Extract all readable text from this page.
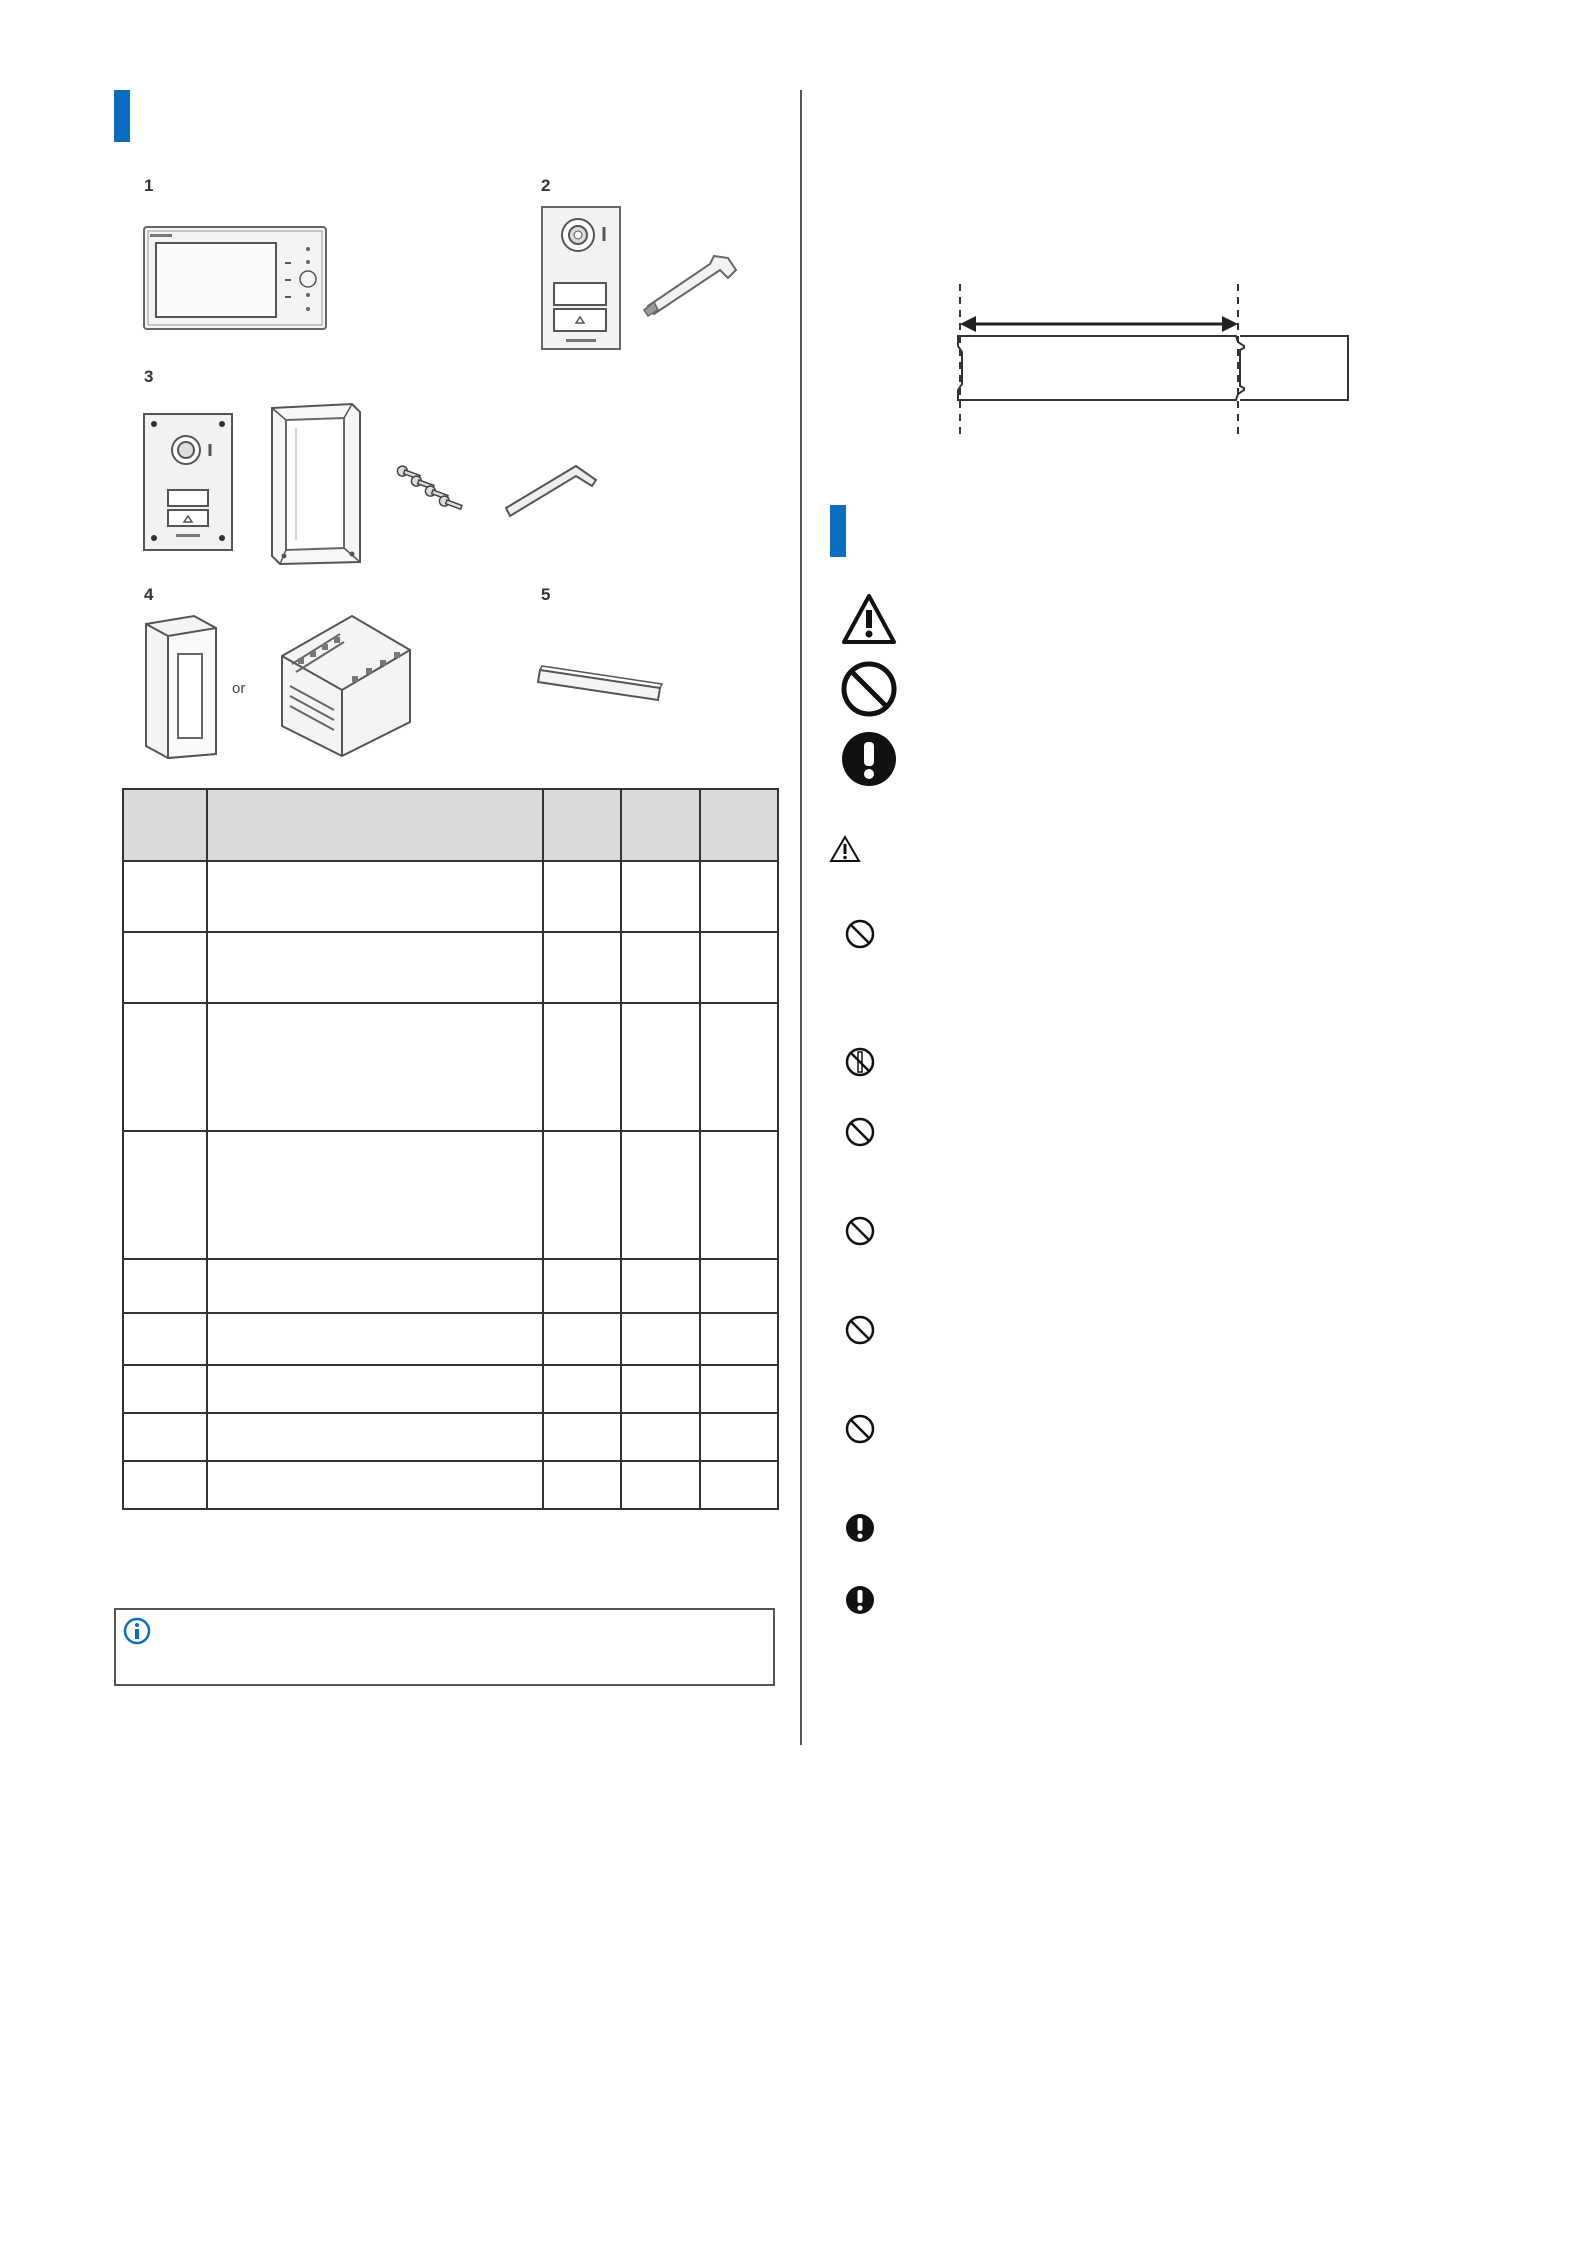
1	2
3
4	5
or
